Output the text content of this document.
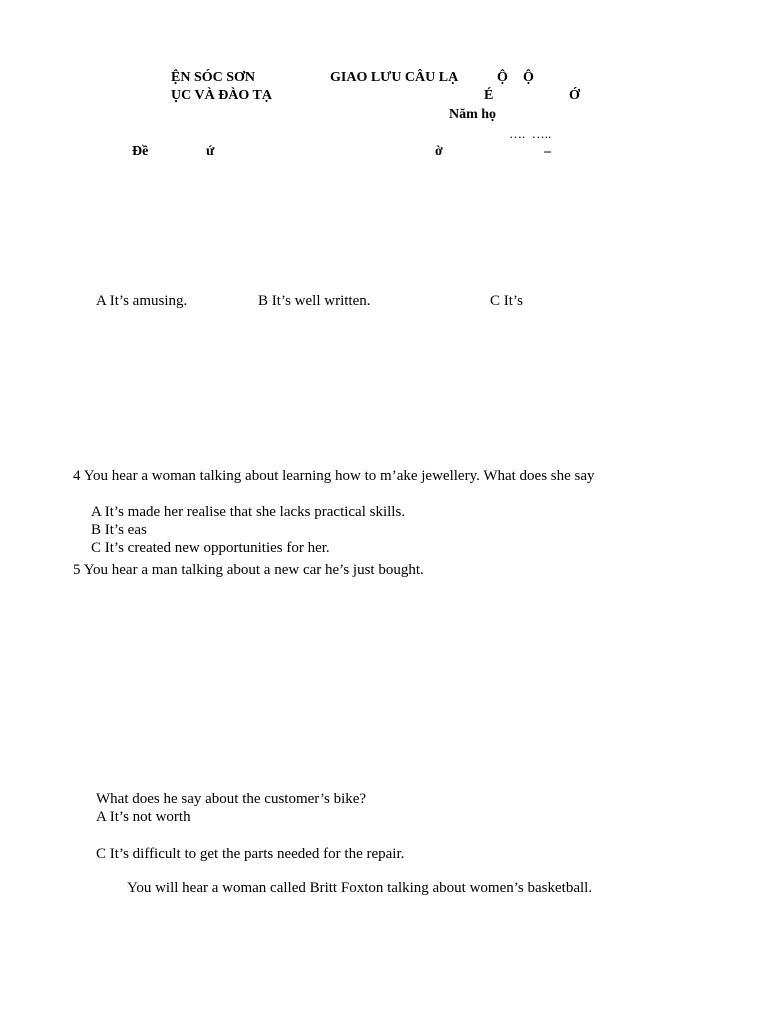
ỆN SÓC SƠN

ỤC VÀ ĐÀO TẠ

GIAO LƯU CÂU LẠ	Ộ Ộ

É	Ớ

Năm họ

….  …..

Đề	ứ	ờ	–

A It’s amusing.	B It’s well written.	C It’s

4 You hear a woman talking about learning how to m’ake jewellery. What does she say

A It’s made her realise that she lacks practical skills.

B It’s eas

C It’s created new opportunities for her.

5 You hear a man talking about a new car he’s just bought.

What does he say about the customer’s bike?

A It’s not worth

C It’s difficult to get the parts needed for the repair.

You will hear a woman called Britt Foxton talking about women’s basketball.
